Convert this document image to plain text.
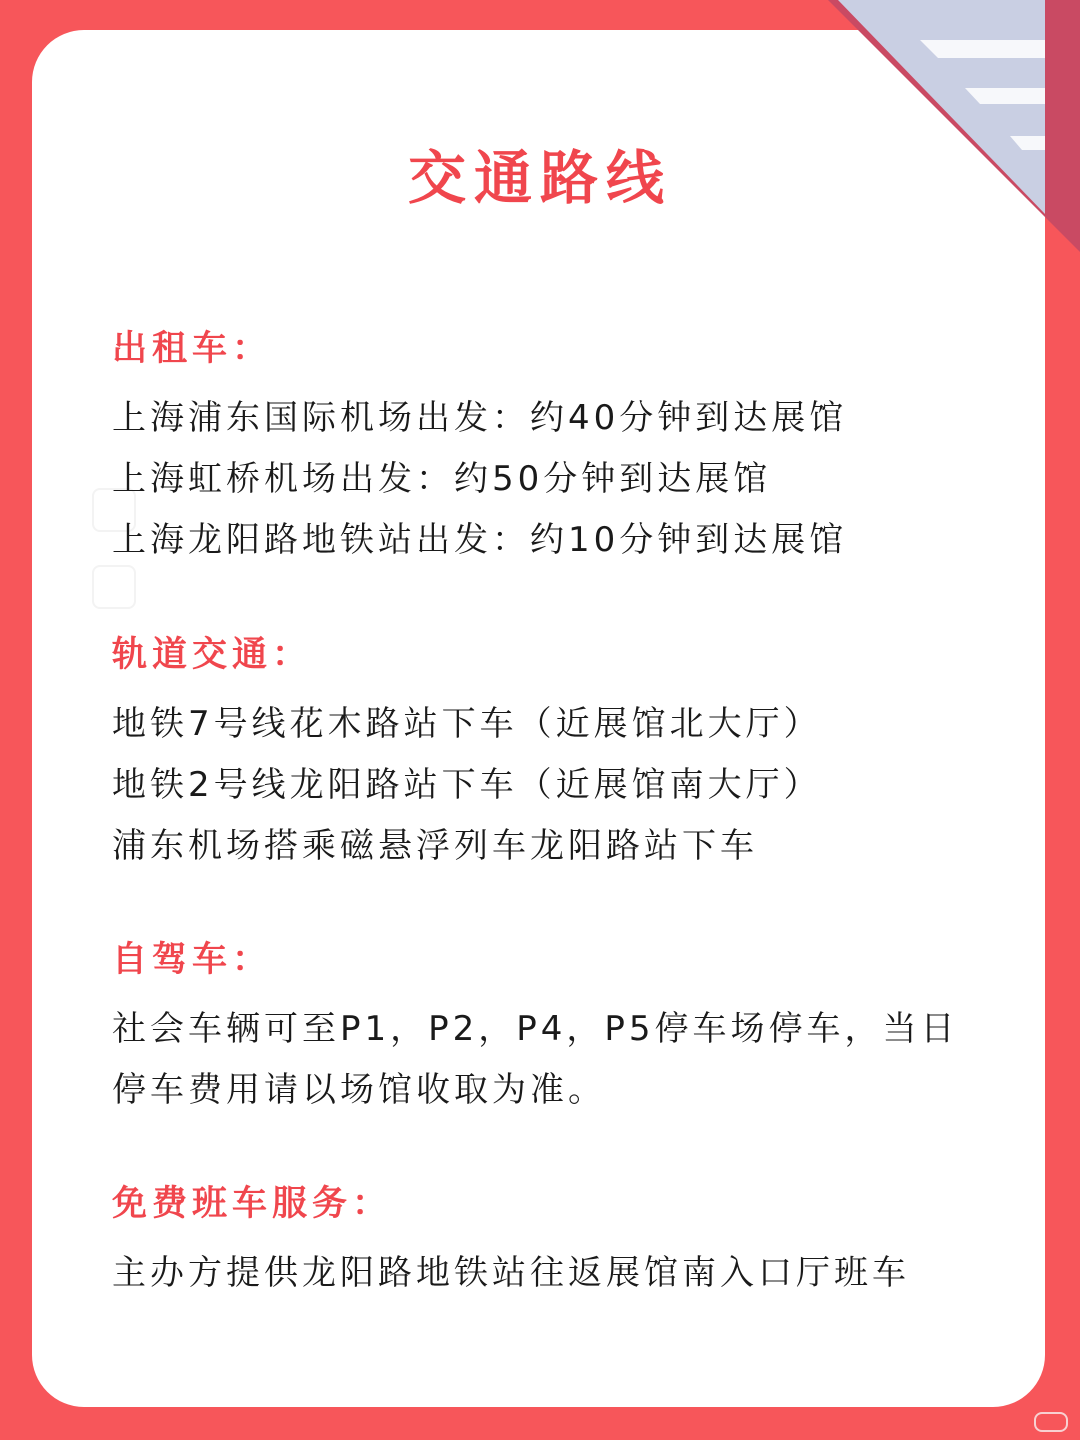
交通路线
出租车：
上海浦东国际机场出发：约40分钟到达展馆
上海虹桥机场出发：约50分钟到达展馆
上海龙阳路地铁站出发：约10分钟到达展馆
轨道交通：
地铁7号线花木路站下车（近展馆北大厅）
地铁2号线龙阳路站下车（近展馆南大厅）
浦东机场搭乘磁悬浮列车龙阳路站下车
自驾车：
社会车辆可至P1，P2，P4，P5停车场停车，当日停车费用请以场馆收取为准。
免费班车服务：
主办方提供龙阳路地铁站往返展馆南入口厅班车
